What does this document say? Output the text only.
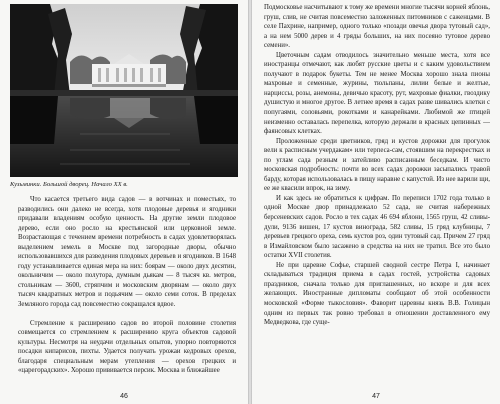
Кузьминки. Большой дворец. Начало XX в.

Что касается третьего вида садов — в вотчинах и поместьях, то разводились они далеко не всегда, хотя плодовые деревья и ягодники придавали владениям особую ценность. На другие земли плодовое дерево, если оно росло на крестьянской или церковной земле. Возрастающая с течением времени потребность в садах удовлетворялась выделением земель в Москве под загородные дворы, обычно использовавшихся для разведения плодовых деревьев и ягодников. В 1648 году устанавливается единая мера на них: боярам — около двух десятин, окольничим — около полутора, думным дьякам — 8 тысяч кв. метров, стольникам — 3600, стряпчим и московским дворянам — около двух тысяч квадратных метров и подьячим — около семи соток. В пределах Земляного города сад повсеместно сокращался вдвое.

Стремление к расширению садов во второй половине столетия совмещается со стремлением к расширению круга объектов садовой культуры. Несмотря на неудачи отдельных опытов, упорно повторяются посадки кипарисов, пихты. Удается получать урожаи кедровых орехов, благодаря специальным мерам утепления — орехов грецких и «царегорадских». Хорошо прививается персик. Москва и ближайшее

46

Подмосковье насчитывают к тому же времени многие тысячи корней яблонь, груш, слив, не считая повсеместно заложенных питомников с саженцами. В селе Пахрине, например, одного только «позади овечья двора тутовый сад», а на нем 5000 дерев и 4 гряды больших, на них посеяно тутовое дерево семени».

Цветочным садам отводилось значительно меньше места, хотя все иностранцы отмечают, как любят русские цветы и с каким удовольствием получают в подарок букеты. Тем не менее Москва хорошо знала пионы махровые и семенные, журины, тюльпаны, лилии белые и желтые, нарциссы, розы, анемоны, девичью красоту, рут, махровые фиалки, гвоздику душистую и многое другое. В летнее время в садах разве шивались клетки с попугаями, соловьями, рокотками и канарейками. Любимой же птицей неизменно оставалась перепелка, которую держали в красных цепинных — фаянсовых клетках.

Проложенные среди цветников, гряд и кустов дорожки для прогулок вели к расписным учердакам» или терпеса-сам, стоявшим на перекрестках и по углам сада резным и затейливо расписанным беседкам. И чисто московская подробность: почти во всех садах дорожки засыпались травой барду, которая использовалась в пищу наравне с капустой. Из нее варили щи, ее же квасили впрок, на зиму.

И как здесь не обратиться к цифрам. По переписи 1702 года только в одной Москве двор принадлежало 52 сада, не считая набережных берсеневских садов. Росло в тех садах 46 694 яблони, 1565 груш, 42 сливы-дули, 9136 вишен, 17 кустов винограда, 582 сливы, 15 гряд клубницы, 7 деревьев грецкого ореха, семь кустов роз, один тутовый сад. Причем 27 гряд в Измайловском было засажено в средства на них не тратил. Все это было остатки XVII столетия.

Не при царевне Софье, старшей сводной сестре Петра I, начинает складываться традиция приема в садах гостей, устройства садовых праздников, сначала только для приглашенных, но вскоре и для всех желающих. Иностранные дипломаты сообщают об этой особенности московской «Форме тыкословия». Фаворит царевны князь В.В. Голицын одним из первых так ровно требовал в отношении доставленного ему Медведкова, где суще-

47
